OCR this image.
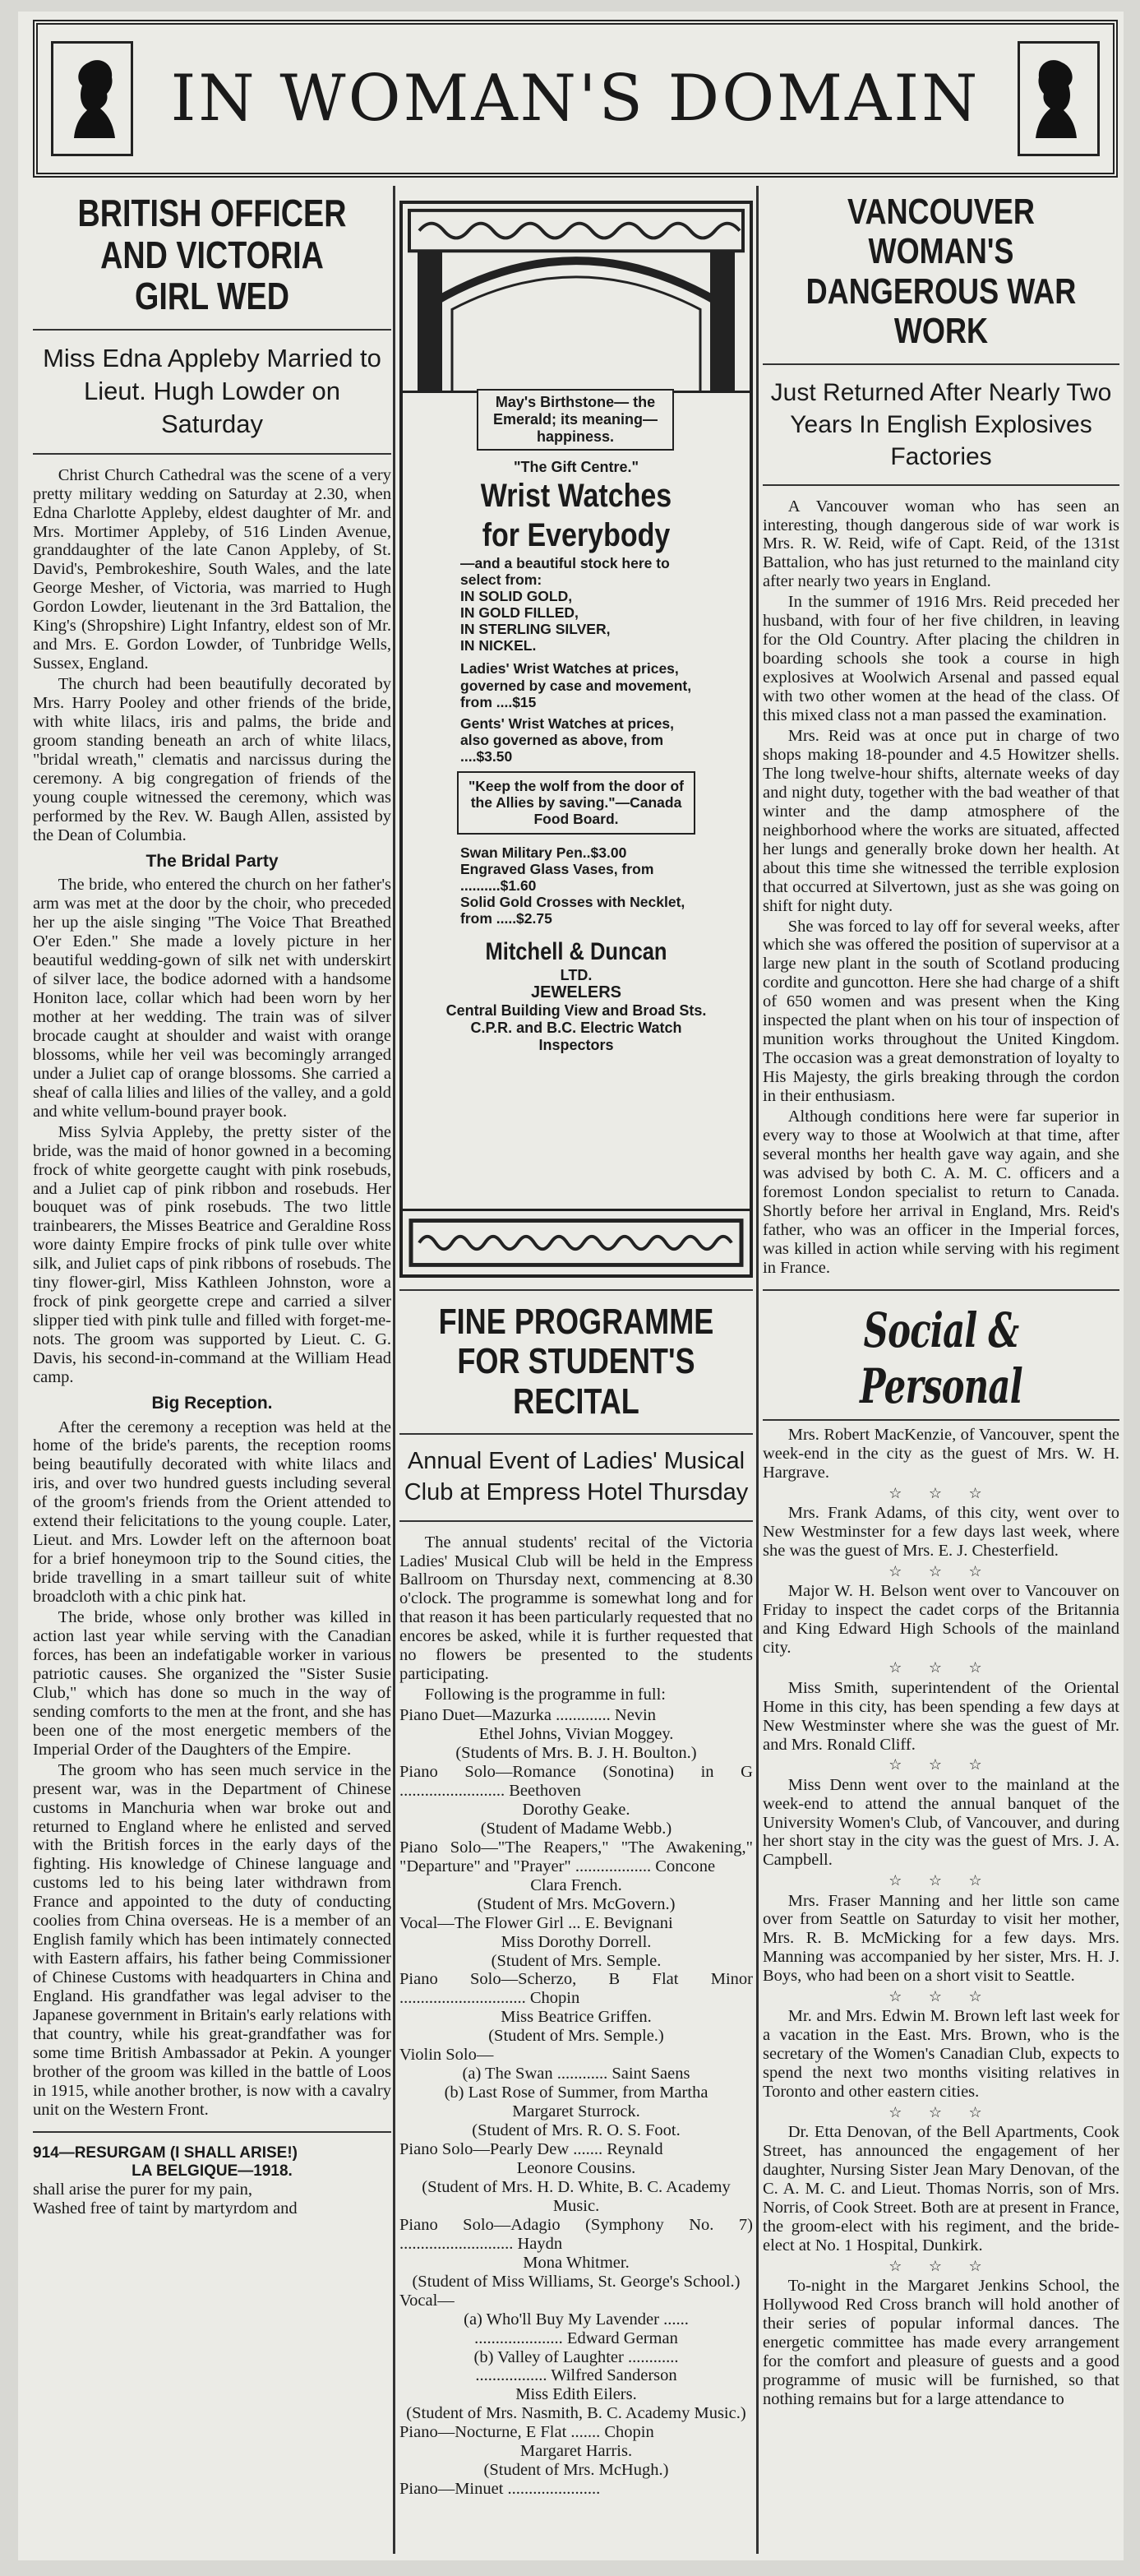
IN WOMAN'S DOMAIN
BRITISH OFFICER AND VICTORIA GIRL WED
Miss Edna Appleby Married to Lieut. Hugh Lowder on Saturday

Christ Church Cathedral was the scene of a very pretty military wedding on Saturday at 2.30, when Edna Charlotte Appleby, eldest daughter of Mr. and Mrs. Mortimer Appleby, of 516 Linden Avenue, granddaughter of the late Canon Appleby, of St. David's, Pembrokeshire, South Wales, and the late George Mesher, of Victoria, was married to Hugh Gordon Lowder, lieutenant in the 3rd Battalion, the King's (Shropshire) Light Infantry, eldest son of Mr. and Mrs. E. Gordon Lowder, of Tunbridge Wells, Sussex, England.

The church had been beautifully decorated by Mrs. Harry Pooley and other friends of the bride, with white lilacs, iris and palms, the bride and groom standing beneath an arch of white lilacs, "bridal wreath," clematis and narcissus during the ceremony. A big congregation of friends of the young couple witnessed the ceremony, which was performed by the Rev. W. Baugh Allen, assisted by the Dean of Columbia.

The Bridal Party

The bride, who entered the church on her father's arm was met at the door by the choir, who preceded her up the aisle singing "The Voice That Breathed O'er Eden." She made a lovely picture in her beautiful wedding-gown of silk net with underskirt of silver lace, the bodice adorned with a handsome Honiton lace, collar which had been worn by her mother at her wedding. The train was of silver brocade caught at shoulder and waist with orange blossoms, while her veil was becomingly arranged under a Juliet cap of orange blossoms. She carried a sheaf of calla lilies and lilies of the valley, and a gold and white vellum-bound prayer book.

Miss Sylvia Appleby, the pretty sister of the bride, was the maid of honor gowned in a becoming frock of white georgette caught with pink rosebuds, and a Juliet cap of pink ribbon and rosebuds. Her bouquet was of pink rosebuds. The two little trainbearers, the Misses Beatrice and Geraldine Ross wore dainty Empire frocks of pink tulle over white silk, and Juliet caps of pink ribbons of rosebuds. The tiny flower-girl, Miss Kathleen Johnston, wore a frock of pink georgette crepe and carried a silver slipper tied with pink tulle and filled with forget-me-nots. The groom was supported by Lieut. C. G. Davis, his second-in-command at the William Head camp.

Big Reception.

After the ceremony a reception was held at the home of the bride's parents, the reception rooms being beautifully decorated with white lilacs and iris, and over two hundred guests including several of the groom's friends from the Orient attended to extend their felicitations to the young couple. Later, Lieut. and Mrs. Lowder left on the afternoon boat for a brief honeymoon trip to the Sound cities, the bride travelling in a smart tailleur suit of white broadcloth with a chic pink hat.

The bride, whose only brother was killed in action last year while serving with the Canadian forces, has been an indefatigable worker in various patriotic causes. She organized the "Sister Susie Club," which has done so much in the way of sending comforts to the men at the front, and she has been one of the most energetic members of the Imperial Order of the Daughters of the Empire.

The groom who has seen much service in the present war, was in the Department of Chinese customs in Manchuria when war broke out and returned to England where he enlisted and served with the British forces in the early days of the fighting. His knowledge of Chinese language and customs led to his being later withdrawn from France and appointed to the duty of conducting coolies from China overseas. He is a member of an English family which has been intimately connected with Eastern affairs, his father being Commissioner of Chinese Customs with headquarters in China and England. His grandfather was legal adviser to the Japanese government in Britain's early relations with that country, while his great-grandfather was for some time British Ambassador at Pekin. A younger brother of the groom was killed in the battle of Loos in 1915, while another brother, is now with a cavalry unit on the Western Front.

914—RESURGAM (I SHALL ARISE!)
LA BELGIQUE—1918.
shall arise the purer for my pain,
Washed free of taint by martyrdom and
May's Birthstone— the Emerald; its meaning—happiness.
"The Gift Centre."
Wrist Watches for Everybody
—and a beautiful stock here to select from:
IN SOLID GOLD,
IN GOLD FILLED,
IN STERLING SILVER,
IN NICKEL.
Ladies' Wrist Watches at prices, governed by case and movement, from ....$15
Gents' Wrist Watches at prices, also governed as above, from ....$3.50
"Keep the wolf from the door of the Allies by saving."—Canada Food Board.
Swan Military Pen..$3.00
Engraved Glass Vases, from ..........$1.60
Solid Gold Crosses with Necklet, from .....$2.75
Mitchell & Duncan
LTD.
JEWELERS
Central Building View and Broad Sts.
C.P.R. and B.C. Electric Watch Inspectors
FINE PROGRAMME FOR STUDENT'S RECITAL
Annual Event of Ladies' Musical Club at Empress Hotel Thursday

The annual students' recital of the Victoria Ladies' Musical Club will be held in the Empress Ballroom on Thursday next, commencing at 8.30 o'clock. The programme is somewhat long and for that reason it has been particularly requested that no encores be asked, while it is further requested that no flowers be presented to the students participating.

Following is the programme in full:

Piano Duet—Mazurka ............. Nevin
Ethel Johns, Vivian Moggey.
(Students of Mrs. B. J. H. Boulton.)
Piano Solo—Romance (Sonotina) in G ......................... Beethoven
Dorothy Geake.
(Student of Madame Webb.)
Piano Solo—"The Reapers," "The Awakening," "Departure" and "Prayer" .................. Concone
Clara French.
(Student of Mrs. McGovern.)
Vocal—The Flower Girl ... E. Bevignani
Miss Dorothy Dorrell.
(Student of Mrs. Semple.
Piano Solo—Scherzo, B Flat Minor .............................. Chopin
Miss Beatrice Griffen.
(Student of Mrs. Semple.)
Violin Solo—
(a) The Swan ............ Saint Saens
(b) Last Rose of Summer, from Martha
Margaret Sturrock.
(Student of Mrs. R. O. S. Foot.
Piano Solo—Pearly Dew ....... Reynald
Leonore Cousins.
(Student of Mrs. H. D. White, B. C. Academy Music.
Piano Solo—Adagio (Symphony No. 7) ........................... Haydn
Mona Whitmer.
(Student of Miss Williams, St. George's School.)
Vocal—
(a) Who'll Buy My Lavender ......
..................... Edward German
(b) Valley of Laughter ............
................. Wilfred Sanderson
Miss Edith Eilers.
(Student of Mrs. Nasmith, B. C. Academy Music.)
Piano—Nocturne, E Flat ....... Chopin
Margaret Harris.
(Student of Mrs. McHugh.)
Piano—Minuet ......................
VANCOUVER WOMAN'S DANGEROUS WAR WORK
Just Returned After Nearly Two Years In English Explosives Factories

A Vancouver woman who has seen an interesting, though dangerous side of war work is Mrs. R. W. Reid, wife of Capt. Reid, of the 131st Battalion, who has just returned to the mainland city after nearly two years in England.

In the summer of 1916 Mrs. Reid preceded her husband, with four of her five children, in leaving for the Old Country. After placing the children in boarding schools she took a course in high explosives at Woolwich Arsenal and passed equal with two other women at the head of the class. Of this mixed class not a man passed the examination.

Mrs. Reid was at once put in charge of two shops making 18-pounder and 4.5 Howitzer shells. The long twelve-hour shifts, alternate weeks of day and night duty, together with the bad weather of that winter and the damp atmosphere of the neighborhood where the works are situated, affected her lungs and generally broke down her health. At about this time she witnessed the terrible explosion that occurred at Silvertown, just as she was going on shift for night duty.

She was forced to lay off for several weeks, after which she was offered the position of supervisor at a large new plant in the south of Scotland producing cordite and guncotton. Here she had charge of a shift of 650 women and was present when the King inspected the plant when on his tour of inspection of munition works throughout the United Kingdom. The occasion was a great demonstration of loyalty to His Majesty, the girls breaking through the cordon in their enthusiasm.

Although conditions here were far superior in every way to those at Woolwich at that time, after several months her health gave way again, and she was advised by both C. A. M. C. officers and a foremost London specialist to return to Canada. Shortly before her arrival in England, Mrs. Reid's father, who was an officer in the Imperial forces, was killed in action while serving with his regiment in France.

Social & Personal

Mrs. Robert MacKenzie, of Vancouver, spent the week-end in the city as the guest of Mrs. W. H. Hargrave.

☆ ☆ ☆

Mrs. Frank Adams, of this city, went over to New Westminster for a few days last week, where she was the guest of Mrs. E. J. Chesterfield.

☆ ☆ ☆

Major W. H. Belson went over to Vancouver on Friday to inspect the cadet corps of the Britannia and King Edward High Schools of the mainland city.

☆ ☆ ☆

Miss Smith, superintendent of the Oriental Home in this city, has been spending a few days at New Westminster where she was the guest of Mr. and Mrs. Ronald Cliff.

☆ ☆ ☆

Miss Denn went over to the mainland at the week-end to attend the annual banquet of the University Women's Club, of Vancouver, and during her short stay in the city was the guest of Mrs. J. A. Campbell.

☆ ☆ ☆

Mrs. Fraser Manning and her little son came over from Seattle on Saturday to visit her mother, Mrs. R. B. McMicking for a few days. Mrs. Manning was accompanied by her sister, Mrs. H. J. Boys, who had been on a short visit to Seattle.

☆ ☆ ☆

Mr. and Mrs. Edwin M. Brown left last week for a vacation in the East. Mrs. Brown, who is the secretary of the Women's Canadian Club, expects to spend the next two months visiting relatives in Toronto and other eastern cities.

☆ ☆ ☆

Dr. Etta Denovan, of the Bell Apartments, Cook Street, has announced the engagement of her daughter, Nursing Sister Jean Mary Denovan, of the C. A. M. C. and Lieut. Thomas Norris, son of Mrs. Norris, of Cook Street. Both are at present in France, the groom-elect with his regiment, and the bride-elect at No. 1 Hospital, Dunkirk.

☆ ☆ ☆

To-night in the Margaret Jenkins School, the Hollywood Red Cross branch will hold another of their series of popular informal dances. The energetic committee has made every arrangement for the comfort and pleasure of guests and a good programme of music will be furnished, so that nothing remains but for a large attendance to
